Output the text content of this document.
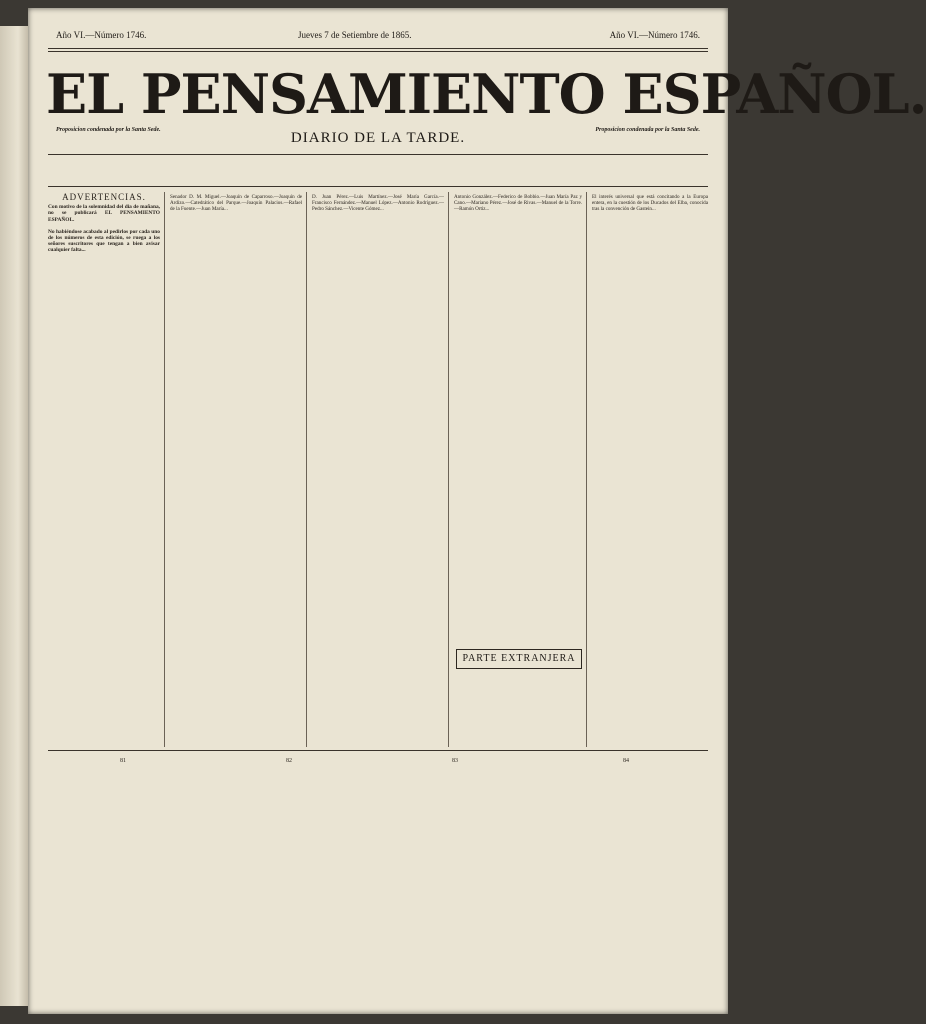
Año VI.—Número 1746.	Jueves 7 de Setiembre de 1865.	Año VI.—Número 1746.
EL PENSAMIENTO ESPAÑOL.
Proposicion condenada por la Santa Sede.	DIARIO DE LA TARDE.	Proposicion condenada por la Santa Sede.
ADVERTENCIAS.
Con motivo de la solemnidad del dia de mañana, no se publicará EL PENSAMIENTO ESPAÑOL.
No habiéndose acabado al pedirlos por cada uno de los números de esta edición, se ruega a los señores suscritores que tengan a bien avisar cualquier falta...
Senador D. M. Miguel.—Joaquín de Caparroso.—Joaquín de Ardizo.—Catedrático del Parque.—Joaquín Palacios.—Rafael de la Fuente.—Juan María...
D. Juan Pérez.—Luis Martínez.—José María García.—Francisco Fernández.—Manuel López.—Antonio Rodríguez.—Pedro Sánchez.—Vicente Gómez...
Antonio González.—Federico de Bobbio.—Juan María Paz y Cano.—Mariano Pérez.—José de Rivas.—Manuel de la Torre.—Ramón Ortiz...
PARTE EXTRANJERA
El interés universal que está concitando a la Europa entera, en la cuestión de los Ducados del Elba, conocida tras la convención de Gastein...
81	82	83	84
